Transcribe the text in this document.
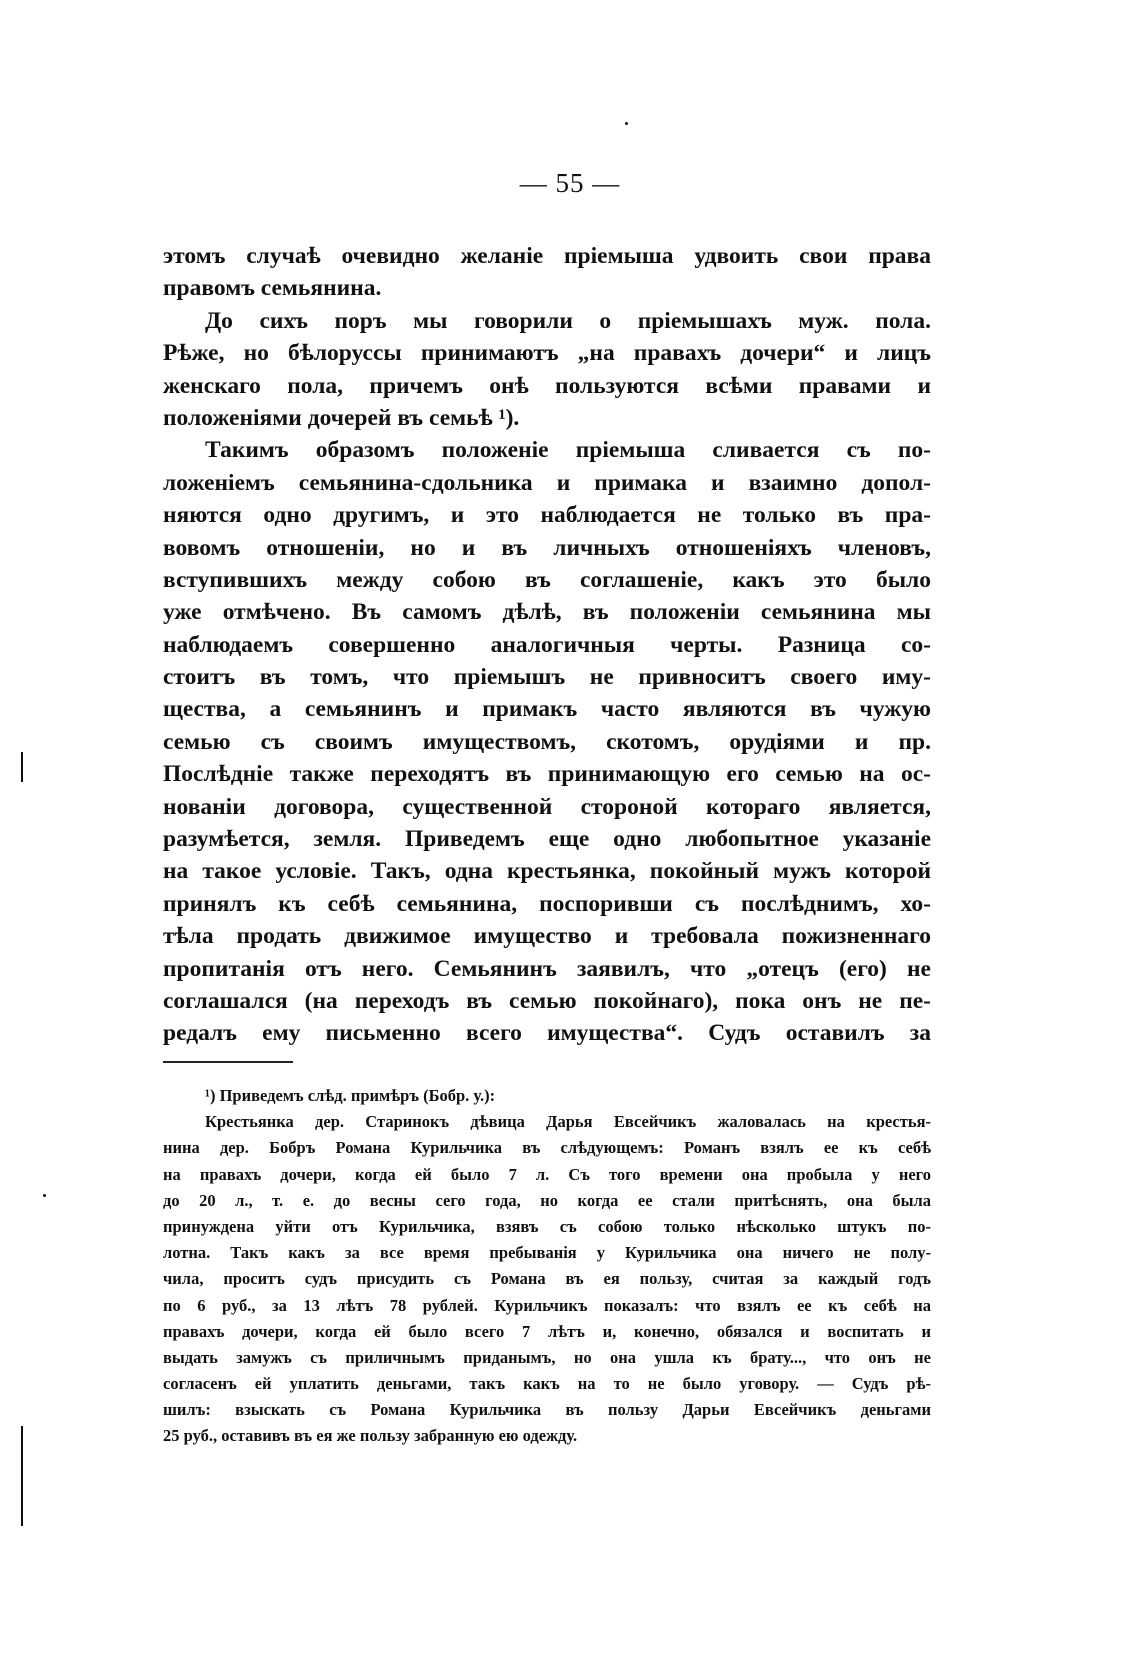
— 55 —
этомъ случаѣ очевидно желаніе пріемыша удвоить свои права
правомъ семьянина.
До сихъ поръ мы говорили о пріемышахъ муж. пола.
Рѣже, но бѣлоруссы принимаютъ „на правахъ дочери“ и лицъ
женскаго пола, причемъ онѣ пользуются всѣми правами и
положеніями дочерей въ семьѣ ¹).
Такимъ образомъ положеніе пріемыша сливается съ по-
ложеніемъ семьянина-сдольника и примака и взаимно допол-
няются одно другимъ, и это наблюдается не только въ пра-
вовомъ отношеніи, но и въ личныхъ отношеніяхъ членовъ,
вступившихъ между собою въ соглашеніе, какъ это было
уже отмѣчено. Въ самомъ дѣлѣ, въ положеніи семьянина мы
наблюдаемъ совершенно аналогичныя черты. Разница со-
стоитъ въ томъ, что пріемышъ не привноситъ своего иму-
щества, а семьянинъ и примакъ часто являются въ чужую
семью съ своимъ имуществомъ, скотомъ, орудіями и пр.
Послѣдніе также переходятъ въ принимающую его семью на ос-
нованіи договора, существенной стороной котораго является,
разумѣется, земля. Приведемъ еще одно любопытное указаніе
на такое условіе. Такъ, одна крестьянка, покойный мужъ которой
принялъ къ себѣ семьянина, поспоривши съ послѣднимъ, хо-
тѣла продать движимое имущество и требовала пожизненнаго
пропитанія отъ него. Семьянинъ заявилъ, что „отецъ (его) не
соглашался (на переходъ въ семью покойнаго), пока онъ не пе-
редалъ ему письменно всего имущества“. Судъ оставилъ за
¹) Приведемъ слѣд. примѣръ (Бобр. у.):
Крестьянка дер. Старинокъ дѣвица Дарья Евсейчикъ жаловалась на крестья-
нина дер. Бобръ Романа Курильчика въ слѣдующемъ: Романъ взялъ ее къ себѣ
на правахъ дочери, когда ей было 7 л. Съ того времени она пробыла у него
до 20 л., т. е. до весны сего года, но когда ее стали притѣснять, она была
принуждена уйти отъ Курильчика, взявъ съ собою только нѣсколько штукъ по-
лотна. Такъ какъ за все время пребыванія у Курильчика она ничего не полу-
чила, проситъ судъ присудить съ Романа въ ея пользу, считая за каждый годъ
по 6 руб., за 13 лѣтъ 78 рублей. Курильчикъ показалъ: что взялъ ее къ себѣ на
правахъ дочери, когда ей было всего 7 лѣтъ и, конечно, обязался и воспитать и
выдать замужъ съ приличнымъ приданымъ, но она ушла къ брату..., что онъ не
согласенъ ей уплатить деньгами, такъ какъ на то не было уговору. — Судъ рѣ-
шилъ: взыскать съ Романа Курильчика въ пользу Дарьи Евсейчикъ деньгами
25 руб., оставивъ въ ея же пользу забранную ею одежду.
